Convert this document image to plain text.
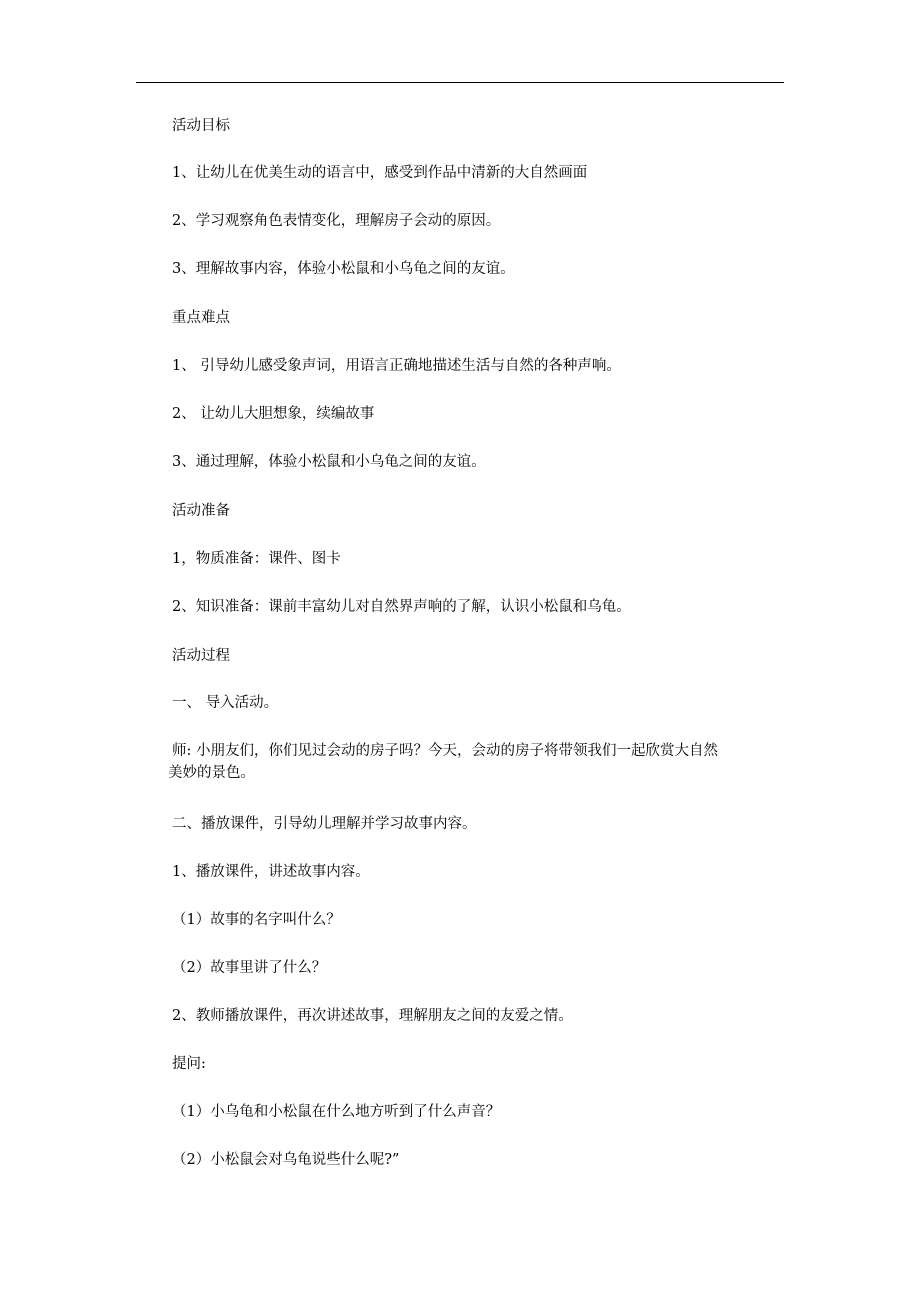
活动目标
1、让幼儿在优美生动的语言中，感受到作品中清新的大自然画面
2、学习观察角色表情变化，理解房子会动的原因。
3、理解故事内容，体验小松鼠和小乌龟之间的友谊。
重点难点
1、 引导幼儿感受象声词，用语言正确地描述生活与自然的各种声响。
2、 让幼儿大胆想象，续编故事
3、通过理解，体验小松鼠和小乌龟之间的友谊。
活动准备
1，物质准备：课件、图卡
2、知识准备：课前丰富幼儿对自然界声响的了解，认识小松鼠和乌龟。
活动过程
一、 导入活动。
师: 小朋友们，你们见过会动的房子吗？今天，会动的房子将带领我们一起欣赏大自然
美妙的景色。
二、播放课件，引导幼儿理解并学习故事内容。
1、播放课件，讲述故事内容。
（1）故事的名字叫什么？
（2）故事里讲了什么？
2、教师播放课件，再次讲述故事，理解朋友之间的友爱之情。
提问:
（1）小乌龟和小松鼠在什么地方听到了什么声音？
（2）小松鼠会对乌龟说些什么呢?”
